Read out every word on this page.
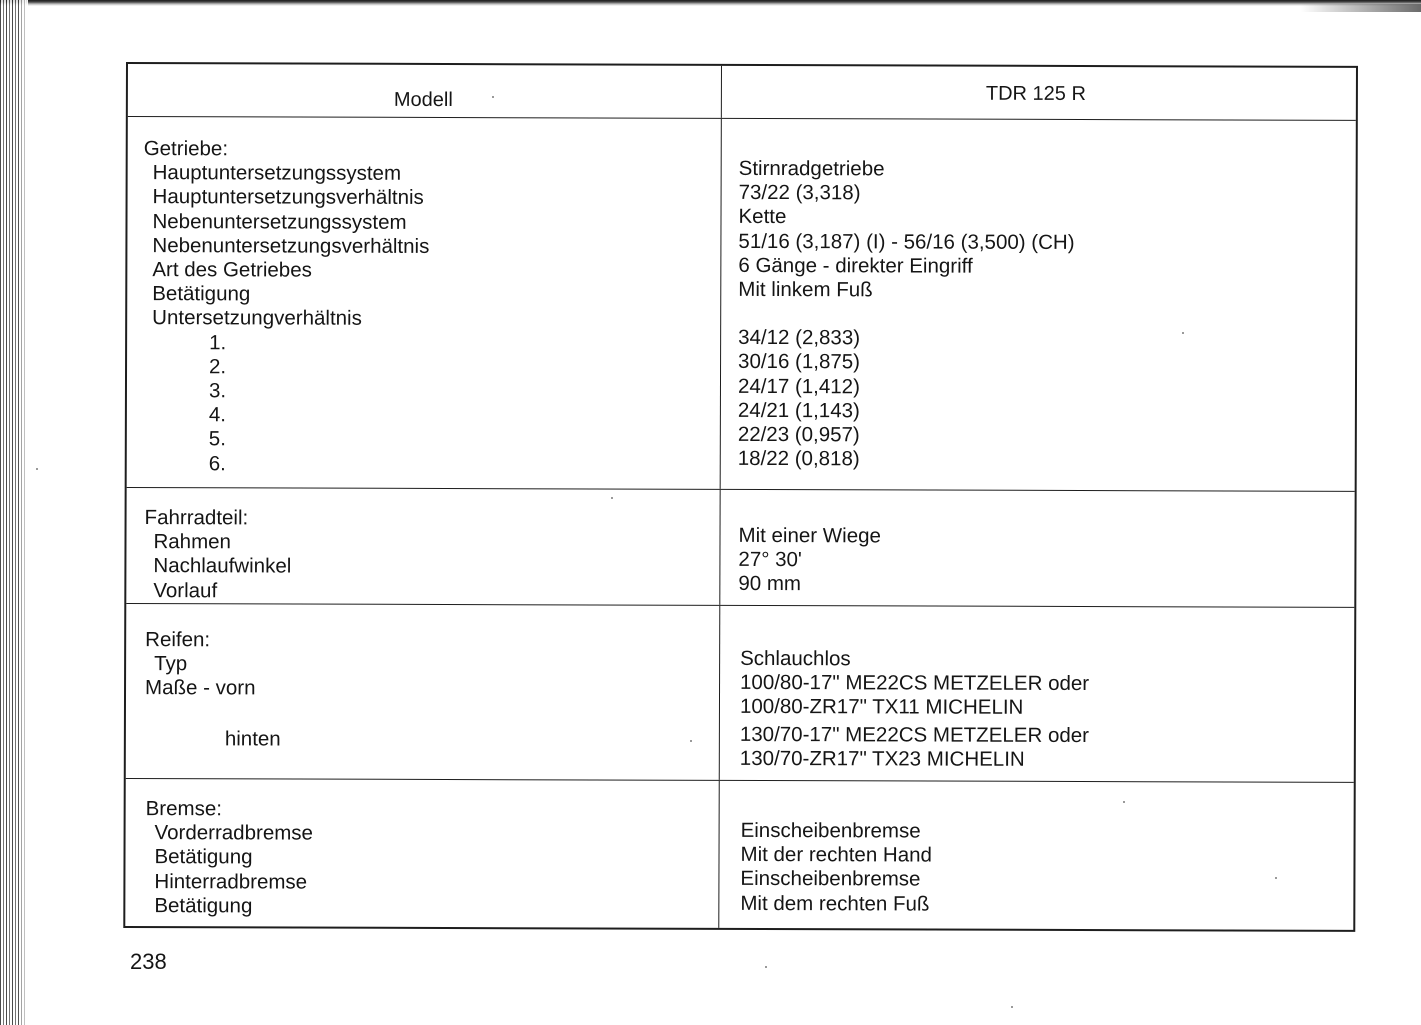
Modell	TDR 125 R
Getriebe:
Hauptuntersetzungssystem
Hauptuntersetzungsverhältnis
Nebenuntersetzungssystem
Nebenuntersetzungsverhältnis
Art des Getriebes
Betätigung
Untersetzungverhältnis
1.
2.
3.
4.
5.
6.
Stirnradgetriebe
73/22 (3,318)
Kette
51/16 (3,187) (I) - 56/16 (3,500) (CH)
6 Gänge - direkter Eingriff
Mit linkem Fuß
34/12 (2,833)
30/16 (1,875)
24/17 (1,412)
24/21 (1,143)
22/23 (0,957)
18/22 (0,818)
Fahrradteil:
Rahmen
Nachlaufwinkel
Vorlauf
Mit einer Wiege
27° 30'
90 mm
Reifen:
Typ
Maße - vorn
hinten
Schlauchlos
100/80-17" ME22CS METZELER oder
100/80-ZR17" TX11 MICHELIN
130/70-17" ME22CS METZELER oder
130/70-ZR17" TX23 MICHELIN
Bremse:
Vorderradbremse
Betätigung
Hinterradbremse
Betätigung
Einscheibenbremse
Mit der rechten Hand
Einscheibenbremse
Mit dem rechten Fuß
238
